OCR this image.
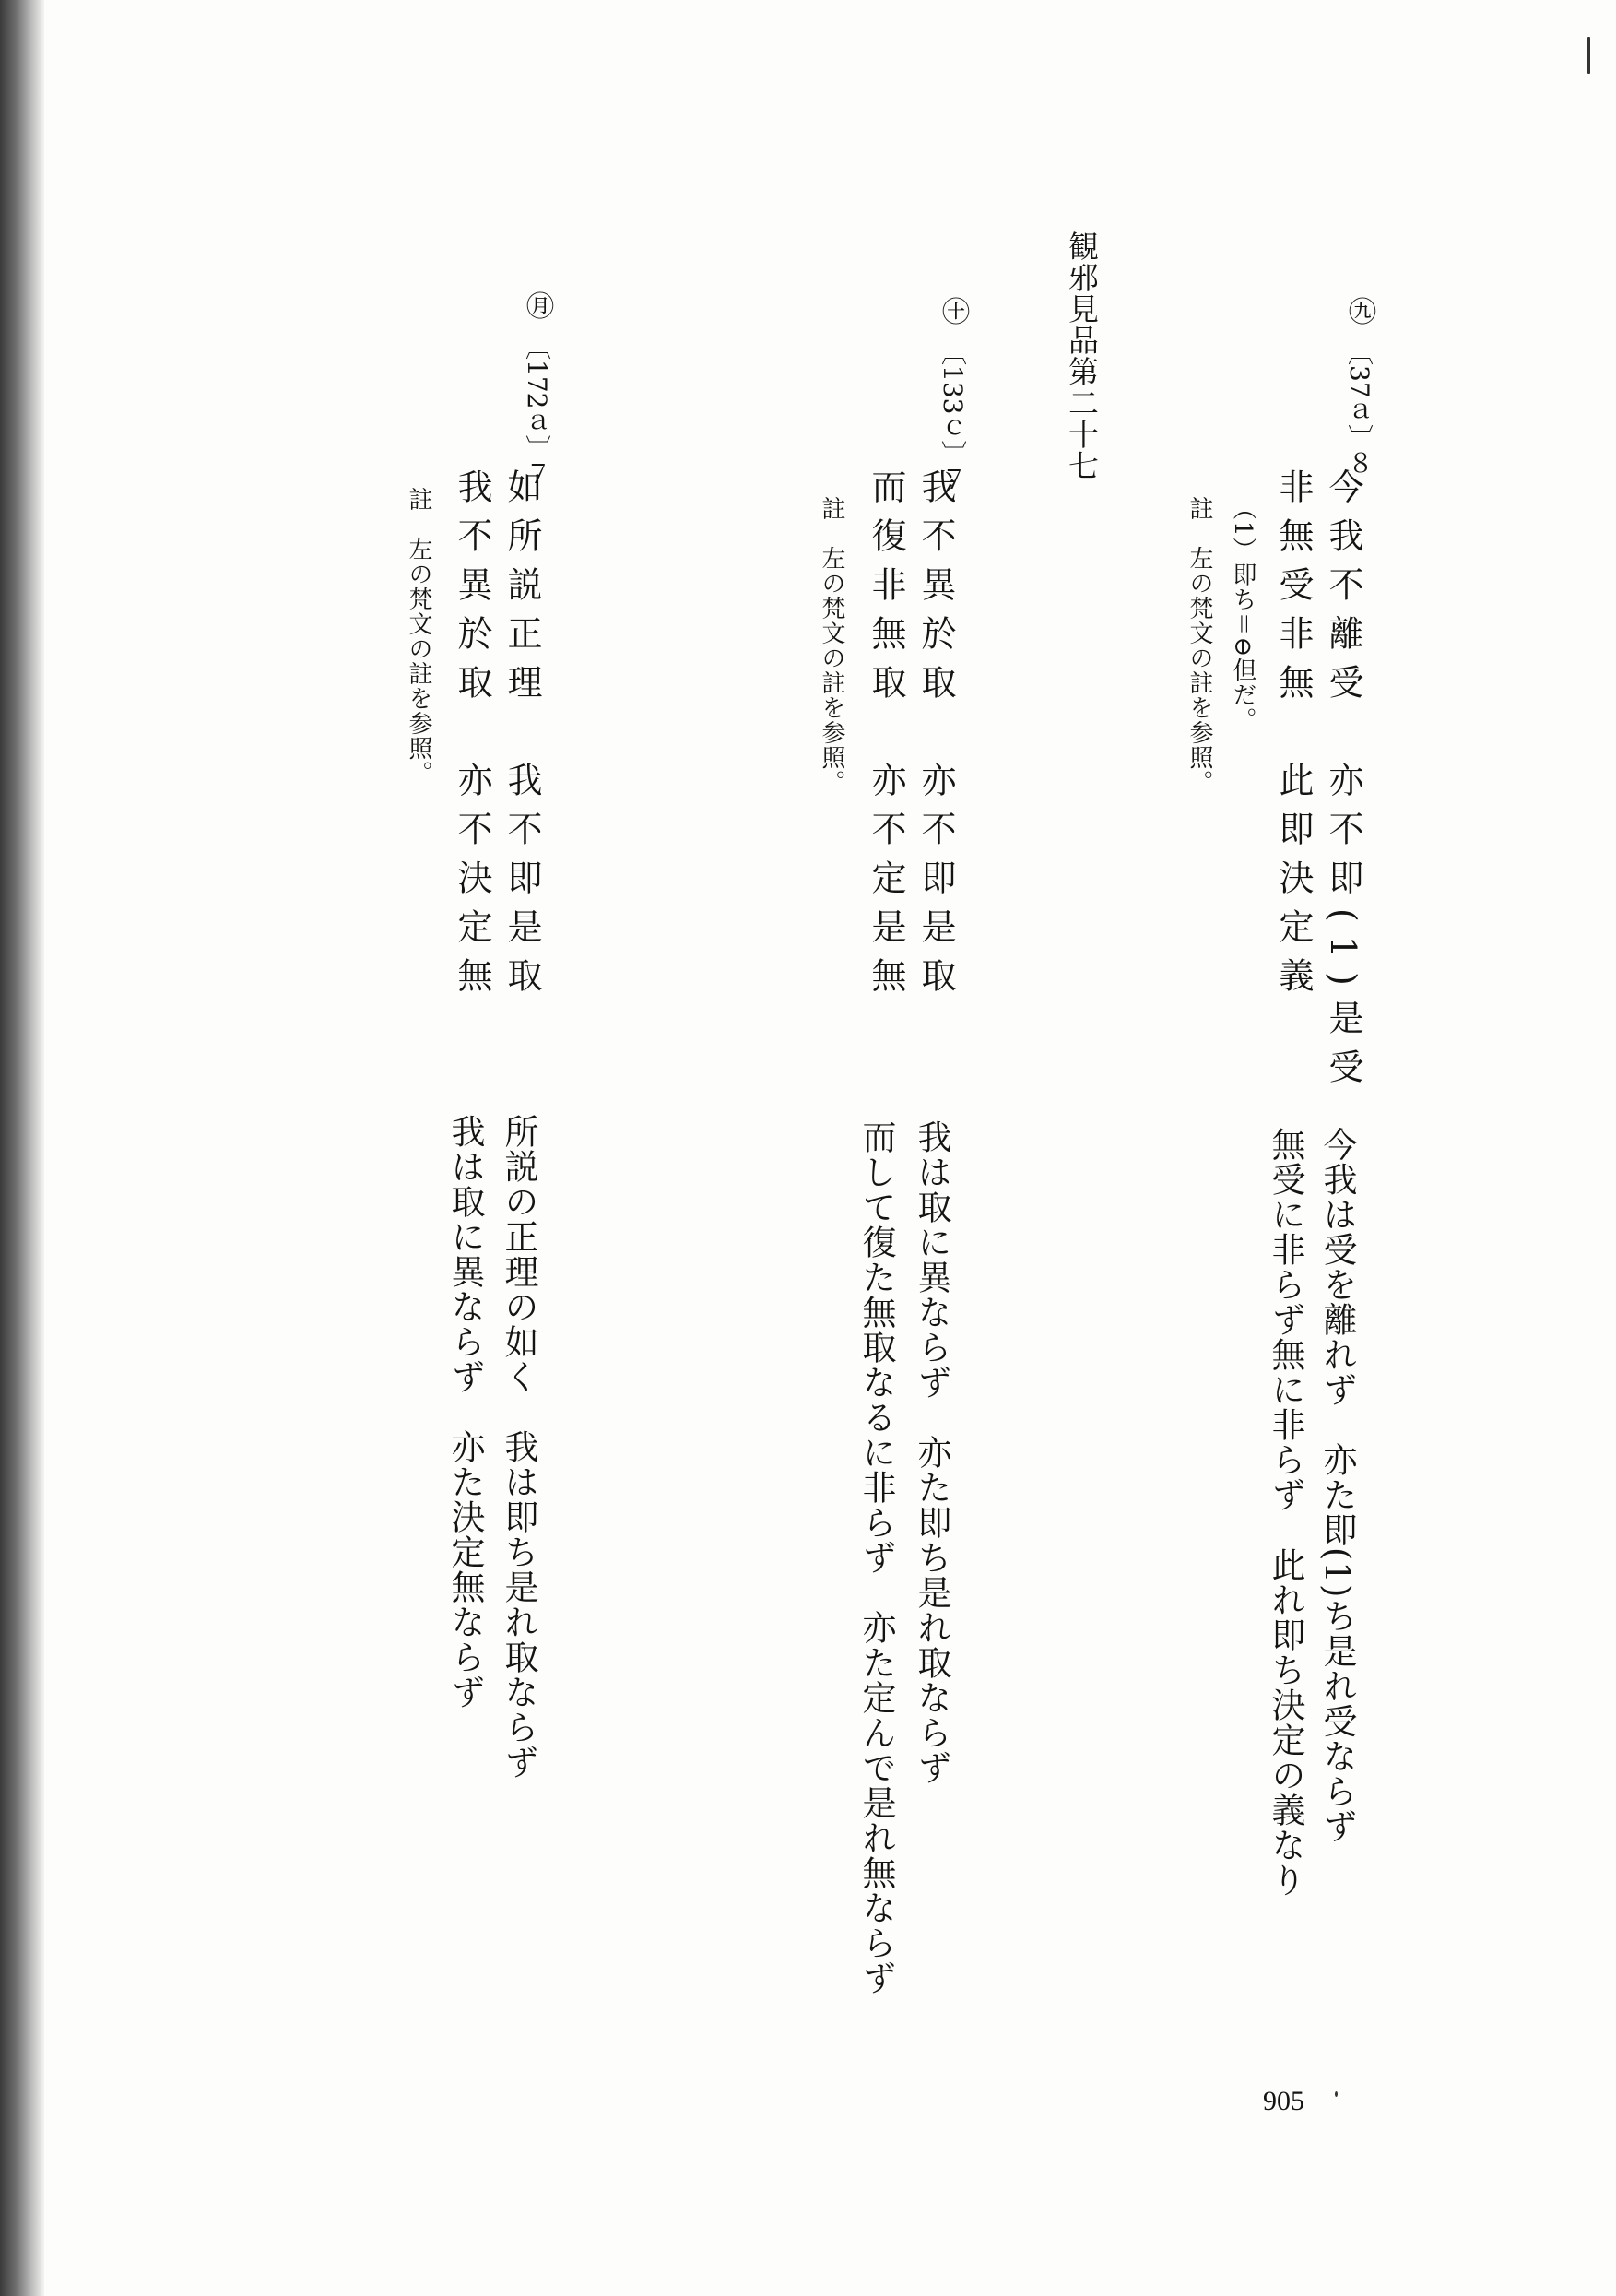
観邪見品第二十七	㊈
〔37ａ〕８
今我不離受　亦不即(1)是受
非無受非無　此即決定義
（1）即ち＝⊖但だ。
註
左の梵文の註を参照。
今我は受を離れず　亦た即(1)ち是れ受ならず
無受に非らず無に非らず　此れ即ち決定の義なり
㊉
〔133ｃ〕７
我不異於取　亦不即是取
而復非無取　亦不定是無
註
左の梵文の註を参照。
我は取に異ならず　亦た即ち是れ取ならず
而して復た無取なるに非らず　亦た定んで是れ無ならず
㊊
〔172ａ〕７
如所説正理　我不即是取
我不異於取　亦不決定無
註
左の梵文の註を参照。
所説の正理の如く　我は即ち是れ取ならず
我は取に異ならず　亦た決定無ならず
905
